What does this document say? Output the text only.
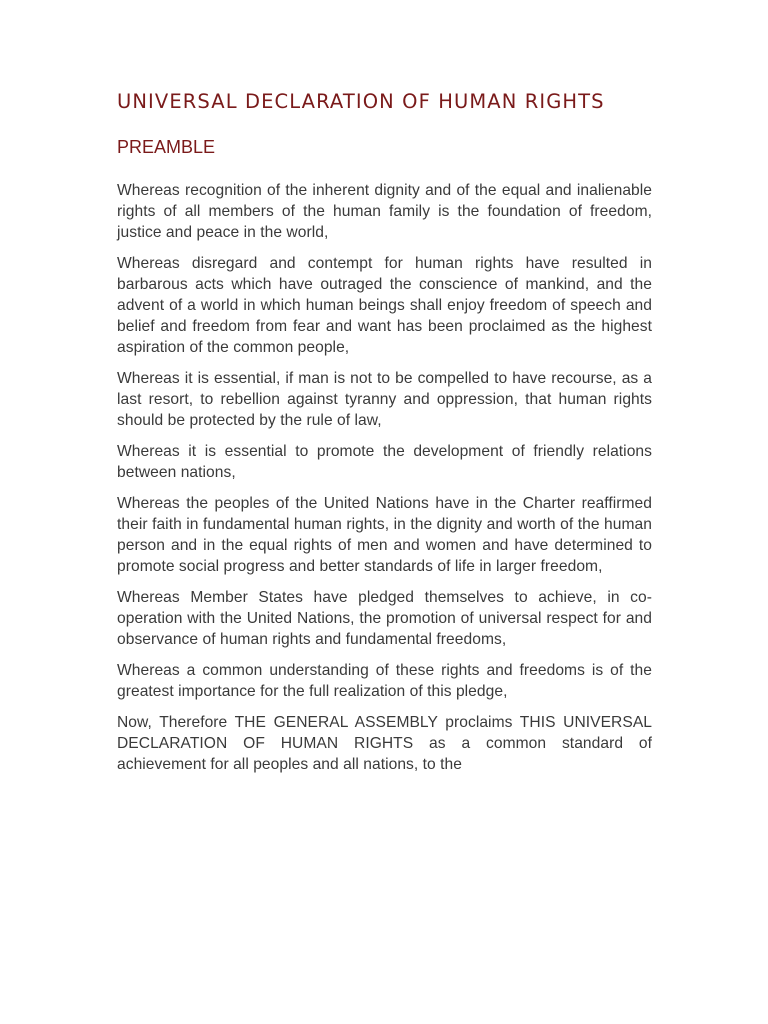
UNIVERSAL DECLARATION OF HUMAN RIGHTS
PREAMBLE

Whereas recognition of the inherent dignity and of the equal and inalienable rights of all members of the human family is the foundation of freedom, justice and peace in the world,

Whereas disregard and contempt for human rights have resulted in barbarous acts which have outraged the conscience of mankind, and the advent of a world in which human beings shall enjoy freedom of speech and belief and freedom from fear and want has been proclaimed as the highest aspiration of the common people,

Whereas it is essential, if man is not to be compelled to have recourse, as a last resort, to rebellion against tyranny and oppression, that human rights should be protected by the rule of law,

Whereas it is essential to promote the development of friendly relations between nations,

Whereas the peoples of the United Nations have in the Charter reaffirmed their faith in fundamental human rights, in the dignity and worth of the human person and in the equal rights of men and women and have determined to promote social progress and better standards of life in larger freedom,

Whereas Member States have pledged themselves to achieve, in co-operation with the United Nations, the promotion of universal respect for and observance of human rights and fundamental freedoms,

Whereas a common understanding of these rights and freedoms is of the greatest importance for the full realization of this pledge,

Now, Therefore THE GENERAL ASSEMBLY proclaims THIS UNIVERSAL DECLARATION OF HUMAN RIGHTS as a common standard of achievement for all peoples and all nations, to the
